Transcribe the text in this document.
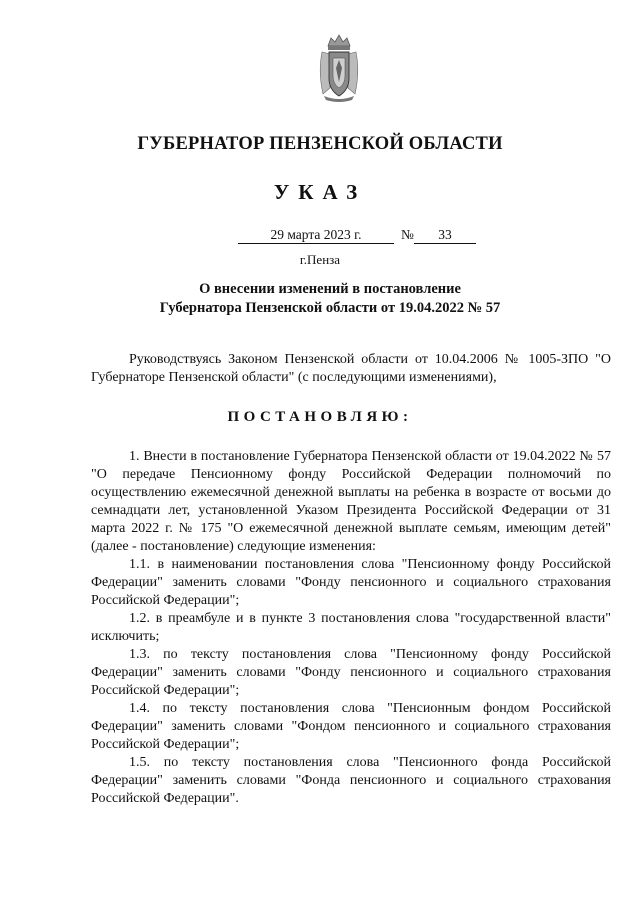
ГУБЕРНАТОР ПЕНЗЕНСКОЙ ОБЛАСТИ
УКАЗ
29 марта 2023 г.	№	33
г.Пенза
О внесении изменений в постановление
Губернатора Пензенской области от 19.04.2022 № 57

Руководствуясь Законом Пензенской области от 10.04.2006 № 1005-ЗПО "О Губернаторе Пензенской области" (с последующими изменениями),

ПОСТАНОВЛЯЮ:

1. Внести в постановление Губернатора Пензенской области от 19.04.2022 № 57 "О передаче Пенсионному фонду Российской Федерации полномочий по осуществлению ежемесячной денежной выплаты на ребенка в возрасте от восьми до семнадцати лет, установленной Указом Президента Российской Федерации от 31 марта 2022 г. № 175 "О ежемесячной денежной выплате семьям, имеющим детей" (далее - постановление) следующие изменения:

1.1. в наименовании постановления слова "Пенсионному фонду Российской Федерации" заменить словами "Фонду пенсионного и социального страхования Российской Федерации";

1.2. в преамбуле и в пункте 3 постановления слова "государственной власти" исключить;

1.3. по тексту постановления слова "Пенсионному фонду Российской Федерации" заменить словами "Фонду пенсионного и социального страхования Российской Федерации";

1.4. по тексту постановления слова "Пенсионным фондом Российской Федерации" заменить словами "Фондом пенсионного и социального страхования Российской Федерации";

1.5. по тексту постановления слова "Пенсионного фонда Российской Федерации" заменить словами "Фонда пенсионного и социального страхования Российской Федерации".
